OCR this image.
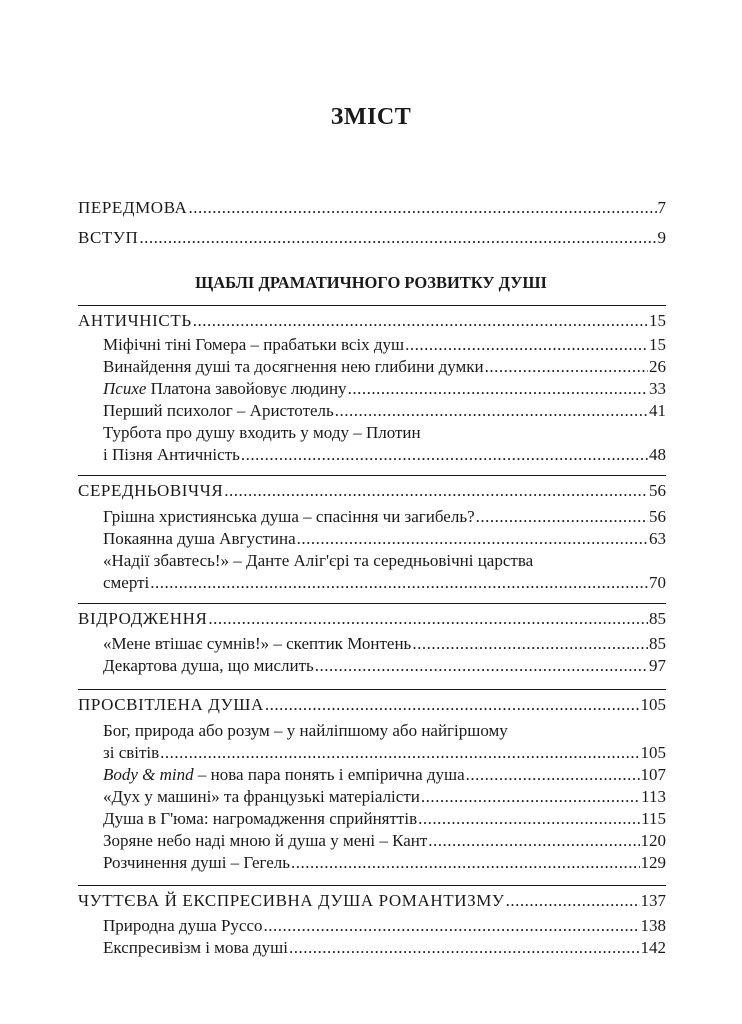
ЗМІСТ
ПЕРЕДМОВА .....	7
ВСТУП .....	9
ЩАБЛІ ДРАМАТИЧНОГО РОЗВИТКУ ДУШІ
АНТИЧНІСТЬ .....	15
Міфічні тіні Гомера – прабатьки всіх душ .....	15
Винайдення душі та досягнення нею глибини думки .....	26
Психе Платона завойовує людину .....	33
Перший психолог – Аристотель .....	41
Турбота про душу входить у моду – Плотин
і Пізня Античність .....	48
СЕРЕДНЬОВІЧЧЯ .....	56
Грішна християнська душа – спасіння чи загибель? .....	56
Покаянна душа Августина .....	63
«Надії збавтесь!» – Данте Аліг'єрі та середньовічні царства
смерті .....	70
ВІДРОДЖЕННЯ .....	85
«Мене втішає сумнів!» – скептик Монтень .....	85
Декартова душа, що мислить .....	97
ПРОСВІТЛЕНА ДУША .....	105
Бог, природа або розум – у найліпшому або найгіршому
зі світів .....	105
Body & mind – нова пара понять і емпірична душа .....	107
«Дух у машині» та французькі матеріалісти .....	113
Душа в Г'юма: нагромадження сприйняттів .....	115
Зоряне небо наді мною й душа у мені – Кант .....	120
Розчинення душі – Гегель .....	129
ЧУТТЄВА Й ЕКСПРЕСИВНА ДУША РОМАНТИЗМУ .....	137
Природна душа Руссо .....	138
Експресивізм і мова душі .....	142
